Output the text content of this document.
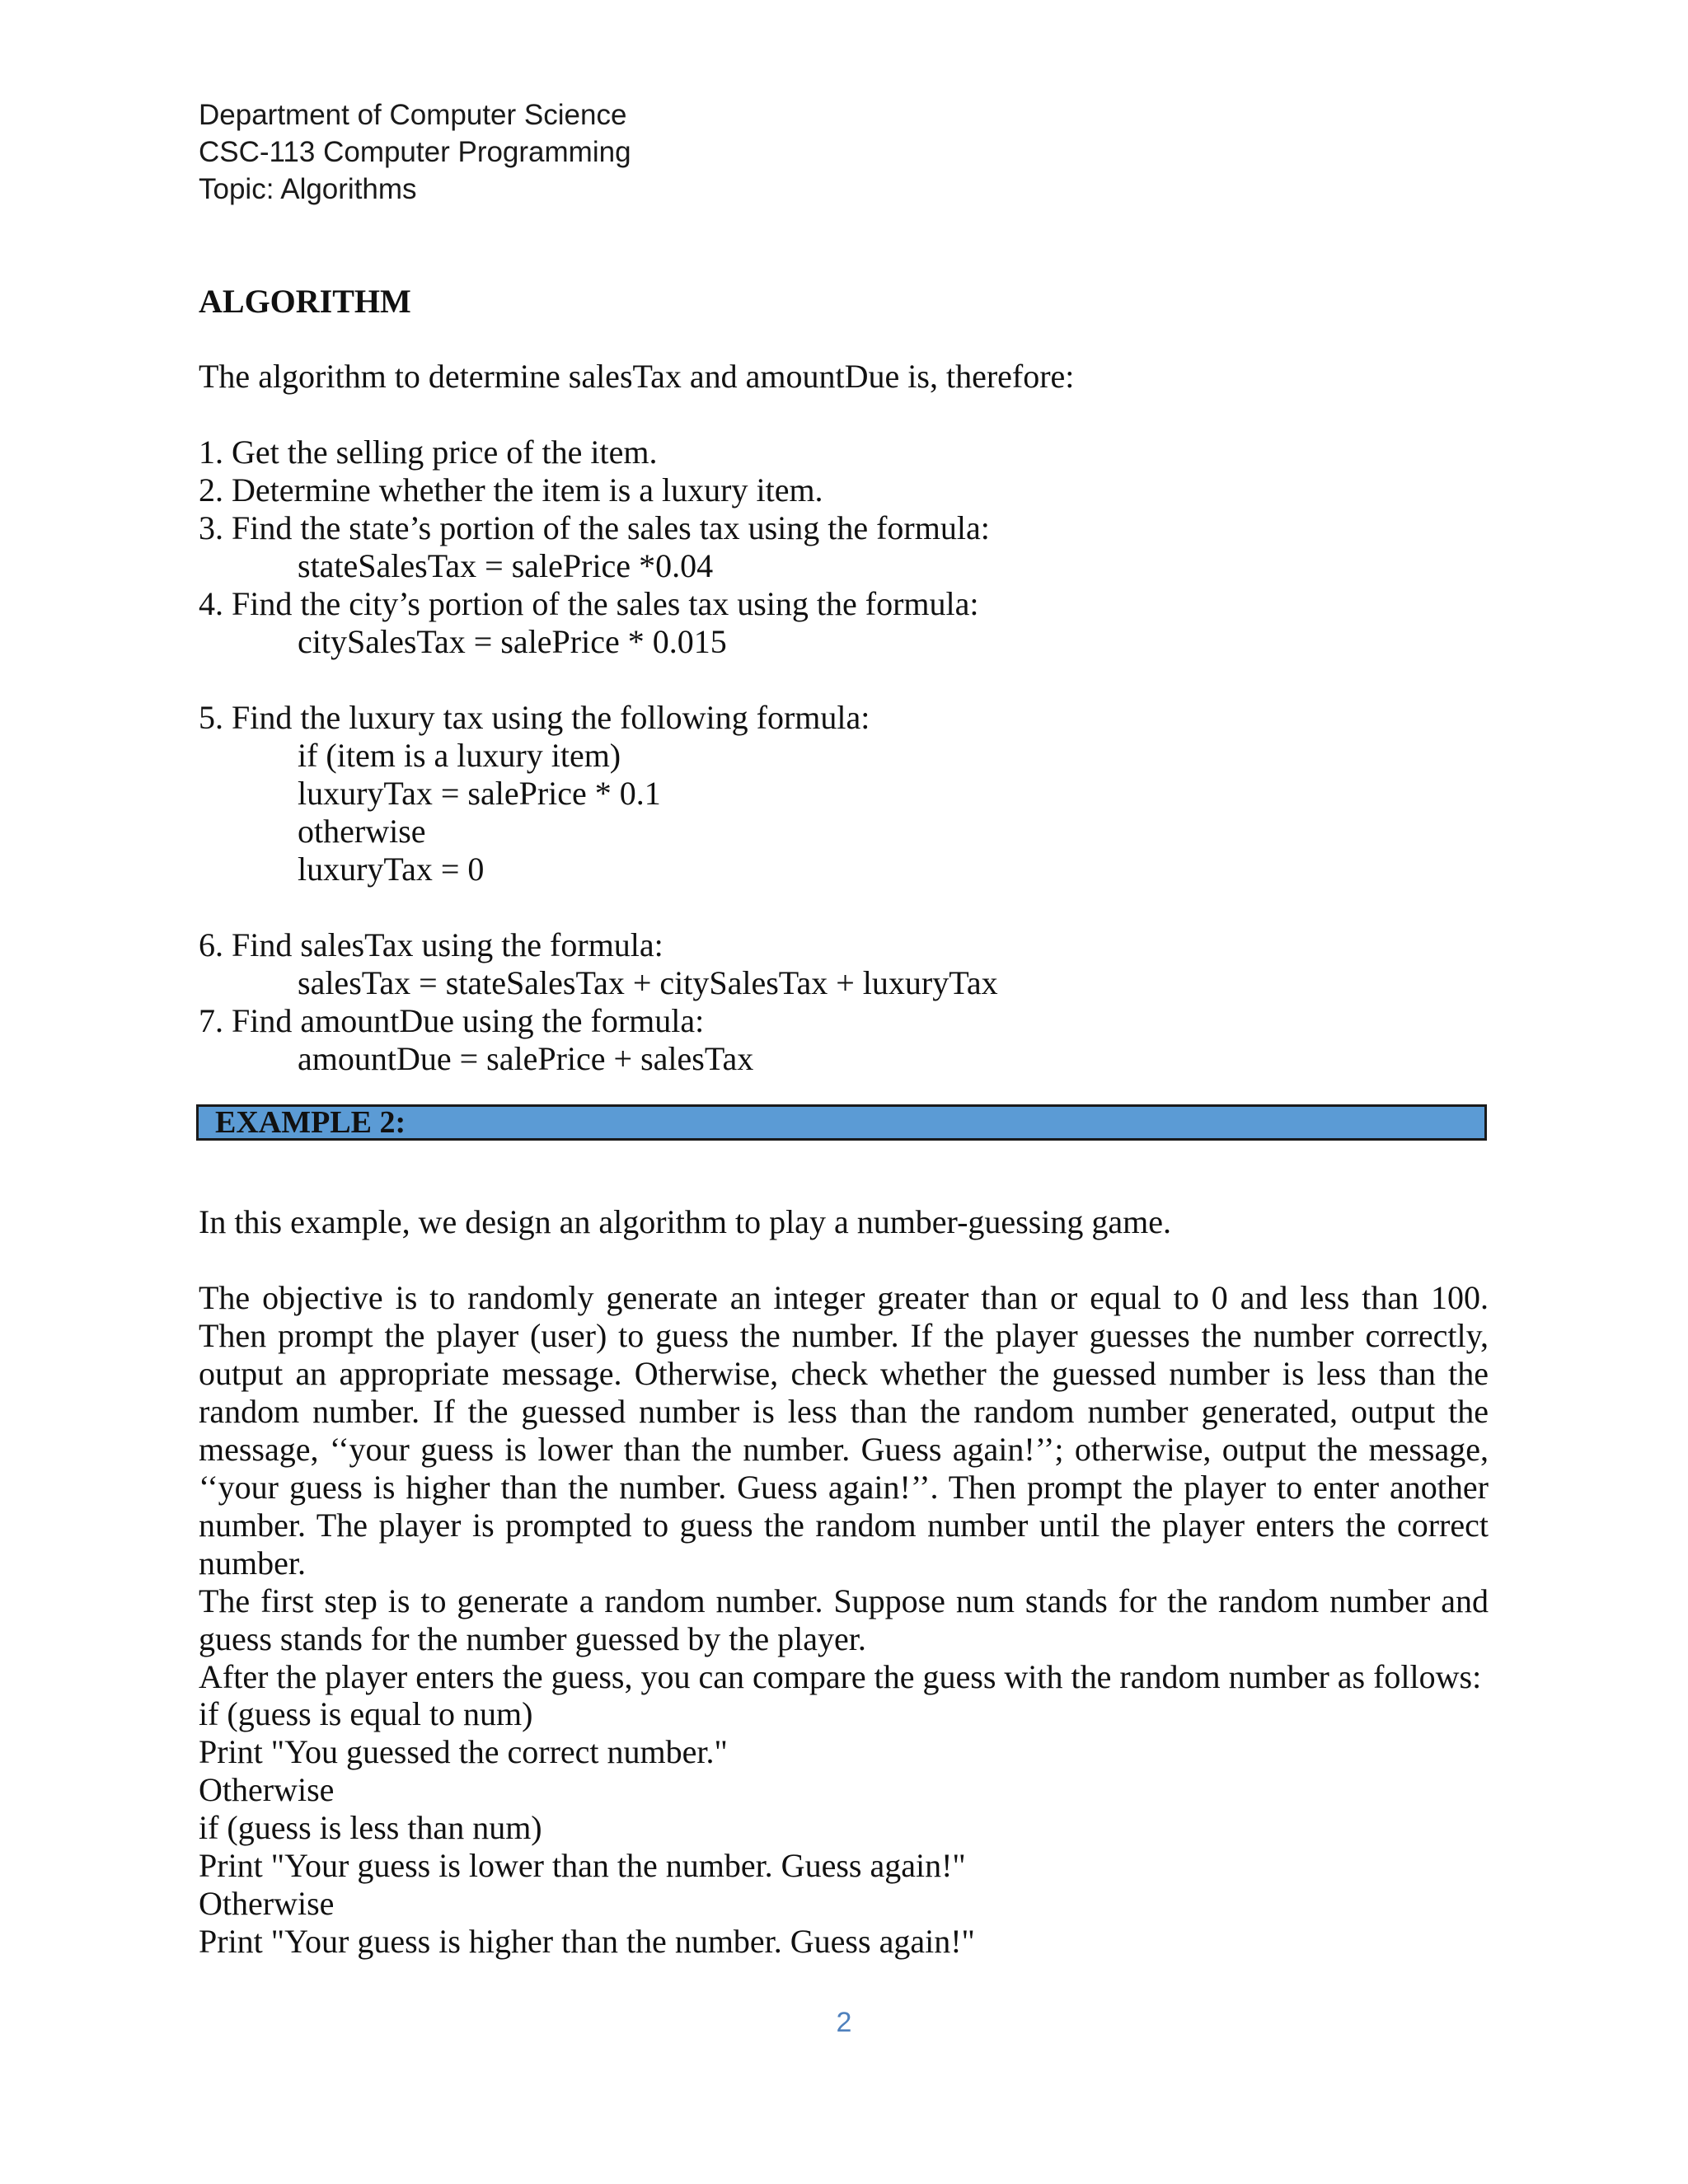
Department of Computer Science
CSC-113 Computer Programming
Topic: Algorithms
ALGORITHM
The algorithm to determine salesTax and amountDue is, therefore:
1. Get the selling price of the item.
2. Determine whether the item is a luxury item.
3. Find the state’s portion of the sales tax using the formula:
stateSalesTax = salePrice *0.04
4. Find the city’s portion of the sales tax using the formula:
citySalesTax = salePrice * 0.015
5. Find the luxury tax using the following formula:
if (item is a luxury item)
luxuryTax = salePrice * 0.1
otherwise
luxuryTax = 0
6. Find salesTax using the formula:
salesTax = stateSalesTax + citySalesTax + luxuryTax
7. Find amountDue using the formula:
amountDue = salePrice + salesTax
EXAMPLE 2:
In this example, we design an algorithm to play a number-guessing game.

The objective is to randomly generate an integer greater than or equal to 0 and less than 100. Then prompt the player (user) to guess the number. If the player guesses the number correctly, output an appropriate message. Otherwise, check whether the guessed number is less than the random number. If the guessed number is less than the random number generated, output the message, ‘‘your guess is lower than the number. Guess again!’’; otherwise, output the message, ‘‘your guess is higher than the number. Guess again!’’. Then prompt the player to enter another number. The player is prompted to guess the random number until the player enters the correct number.

The first step is to generate a random number. Suppose num stands for the random number and guess stands for the number guessed by the player.

After the player enters the guess, you can compare the guess with the random number as follows:

if (guess is equal to num)
Print "You guessed the correct number."
Otherwise
if (guess is less than num)
Print "Your guess is lower than the number. Guess again!"
Otherwise
Print "Your guess is higher than the number. Guess again!"
2
